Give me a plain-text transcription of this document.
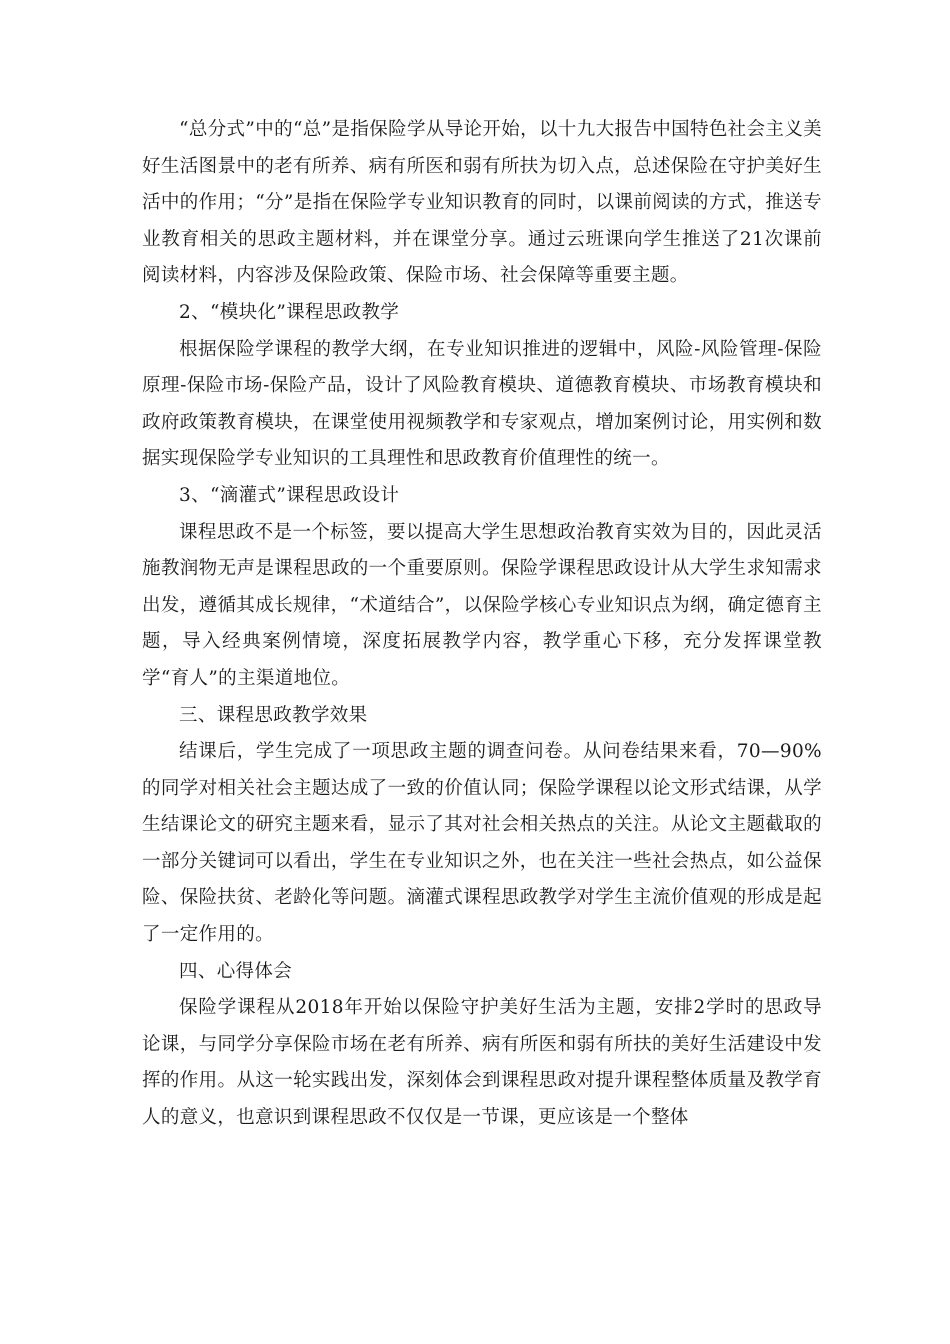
“总分式”中的“总”是指保险学从导论开始，以十九大报告中国特色社会主义美好生活图景中的老有所养、病有所医和弱有所扶为切入点，总述保险在守护美好生活中的作用；“分”是指在保险学专业知识教育的同时，以课前阅读的方式，推送专业教育相关的思政主题材料，并在课堂分享。通过云班课向学生推送了21次课前阅读材料，内容涉及保险政策、保险市场、社会保障等重要主题。

2、“模块化”课程思政教学

根据保险学课程的教学大纲，在专业知识推进的逻辑中，风险-风险管理-保险原理-保险市场-保险产品，设计了风险教育模块、道德教育模块、市场教育模块和政府政策教育模块，在课堂使用视频教学和专家观点，增加案例讨论，用实例和数据实现保险学专业知识的工具理性和思政教育价值理性的统一。

3、“滴灌式”课程思政设计

课程思政不是一个标签，要以提高大学生思想政治教育实效为目的，因此灵活施教润物无声是课程思政的一个重要原则。保险学课程思政设计从大学生求知需求出发，遵循其成长规律，“术道结合”，以保险学核心专业知识点为纲，确定德育主题，导入经典案例情境，深度拓展教学内容，教学重心下移，充分发挥课堂教学“育人”的主渠道地位。

三、课程思政教学效果

结课后，学生完成了一项思政主题的调查问卷。从问卷结果来看，70—90%的同学对相关社会主题达成了一致的价值认同；保险学课程以论文形式结课，从学生结课论文的研究主题来看，显示了其对社会相关热点的关注。从论文主题截取的一部分关键词可以看出，学生在专业知识之外，也在关注一些社会热点，如公益保险、保险扶贫、老龄化等问题。滴灌式课程思政教学对学生主流价值观的形成是起了一定作用的。

四、心得体会

保险学课程从2018年开始以保险守护美好生活为主题，安排2学时的思政导论课，与同学分享保险市场在老有所养、病有所医和弱有所扶的美好生活建设中发挥的作用。从这一轮实践出发，深刻体会到课程思政对提升课程整体质量及教学育人的意义，也意识到课程思政不仅仅是一节课，更应该是一个整体
